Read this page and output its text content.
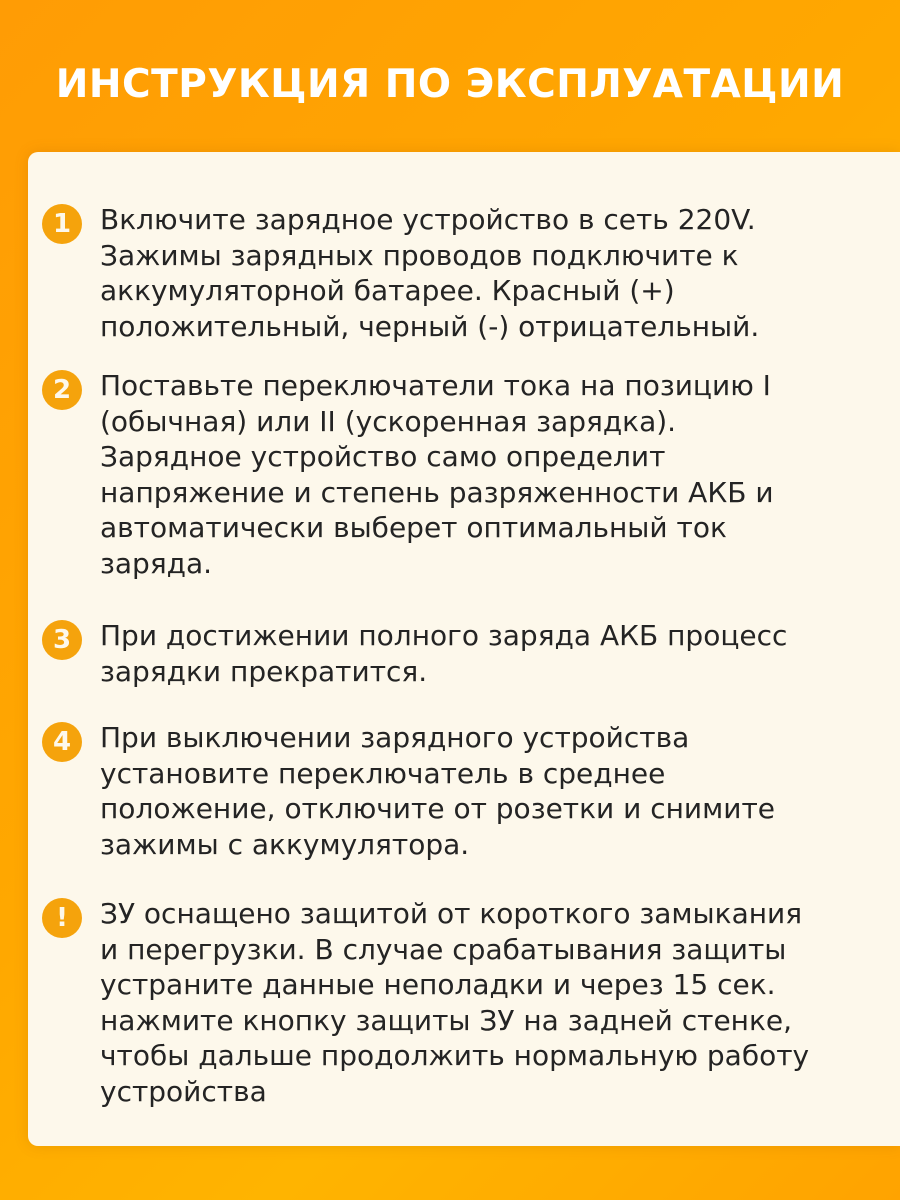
ИНСТРУКЦИЯ ПО ЭКСПЛУАТАЦИИ
1	Включите зарядное устройство в сеть 220V.
Зажимы зарядных проводов подключите к
аккумуляторной батарее. Красный (+)
положительный, черный (-) отрицательный.

2	Поставьте переключатели тока на позицию I
(обычная) или II (ускоренная зарядка).
Зарядное устройство само определит
напряжение и степень разряженности АКБ и
автоматически выберет оптимальный ток
заряда.

3	При достижении полного заряда АКБ процесс
зарядки прекратится.

4	При выключении зарядного устройства
установите переключатель в среднее
положение, отключите от розетки и снимите
зажимы с аккумулятора.

!	ЗУ оснащено защитой от короткого замыкания
и перегрузки. В случае срабатывания защиты
устраните данные неполадки и через 15 сек.
нажмите кнопку защиты ЗУ на задней стенке,
чтобы дальше продолжить нормальную работу
устройства
